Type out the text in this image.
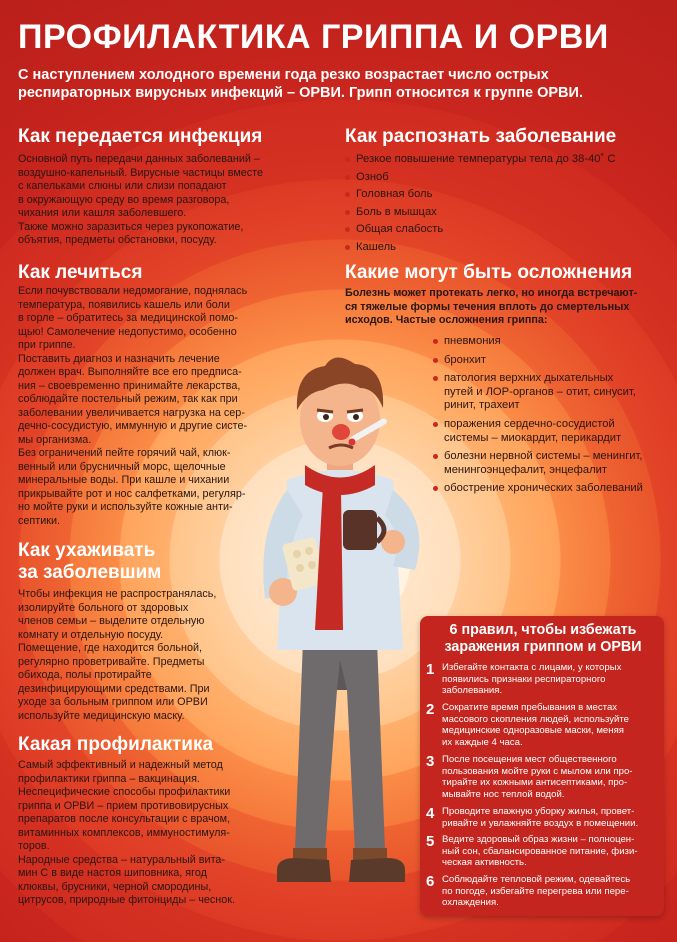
ПРОФИЛАКТИКА ГРИППА И ОРВИ
С наступлением холодного времени года резко возрастает число острых
респираторных вирусных инфекций – ОРВИ. Грипп относится к группе ОРВИ.
Как передается инфекция

Основной путь передачи данных заболеваний –

воздушно-капельный. Вирусные частицы вместе

с капельками слюны или слизи попадают

в окружающую среду во время разговора,

чихания или кашля заболевшего.

Также можно заразиться через рукопожатие,

объятия, предметы обстановки, посуду.

Как лечиться

Если почувствовали недомогание, поднялась

температура, появились кашель или боли

в горле – обратитесь за медицинской помо-

щью! Самолечение недопустимо, особенно

при гриппе.

Поставить диагноз и назначить лечение

должен врач. Выполняйте все его предписа-

ния – своевременно принимайте лекарства,

соблюдайте постельный режим, так как при

заболевании увеличивается нагрузка на сер-

дечно-сосудистую, иммунную и другие систе-

мы организма.

Без ограничений пейте горячий чай, клюк-

венный или брусничный морс, щелочные

минеральные воды. При кашле и чихании

прикрывайте рот и нос салфетками, регуляр-

но мойте руки и используйте кожные анти-

септики.

Как ухаживать
за заболевшим

Чтобы инфекция не распространялась,

изолируйте больного от здоровых

членов семьи – выделите отдельную

комнату и отдельную посуду.

Помещение, где находится больной,

регулярно проветривайте. Предметы

обихода, полы протирайте

дезинфицирующими средствами. При

уходе за больным гриппом или ОРВИ

используйте медицинскую маску.

Какая профилактика

Самый эффективный и надежный метод

профилактики гриппа – вакцинация.

Неспецифические способы профилактики

гриппа и ОРВИ – прием противовирусных

препаратов после консультации с врачом,

витаминных комплексов, иммуностимуля-

торов.

Народные средства – натуральный вита-

мин С в виде настоя шиповника, ягод

клюквы, брусники, черной смородины,

цитрусов, природные фитонциды – чеснок.

Как распознать заболевание
Резкое повышение температуры тела до 38-40˚ С
Озноб
Головная боль
Боль в мышцах
Общая слабость
Кашель
Какие могут быть осложнения

Болезнь может протекать легко, но иногда встречают-

ся тяжелые формы течения вплоть до смертельных

исходов. Частые осложнения гриппа:

пневмония
бронхит
патология верхних дыхательных
путей и ЛОР-органов – отит, синусит,
ринит, трахеит
поражения сердечно-сосудистой
системы – миокардит, перикардит
болезни нервной системы – менингит,
менингоэнцефалит, энцефалит
обострение хронических заболеваний
6 правил, чтобы избежать
заражения гриппом и ОРВИ
1 Избегайте контакта с лицами, у которых
появились признаки респираторного
заболевания.
2 Сократите время пребывания в местах
массового скопления людей, используйте
медицинские одноразовые маски, меняя
их каждые 4 часа.
3 После посещения мест общественного
пользования мойте руки с мылом или про-
тирайте их кожными антисептиками, про-
мывайте нос теплой водой.
4 Проводите влажную уборку жилья, провет-
ривайте и увлажняйте воздух в помещении.
5 Ведите здоровый образ жизни – полноцен-
ный сон, сбалансированное питание, физи-
ческая активность.
6 Соблюдайте тепловой режим, одевайтесь
по погоде, избегайте перегрева или пере-
охлаждения.
